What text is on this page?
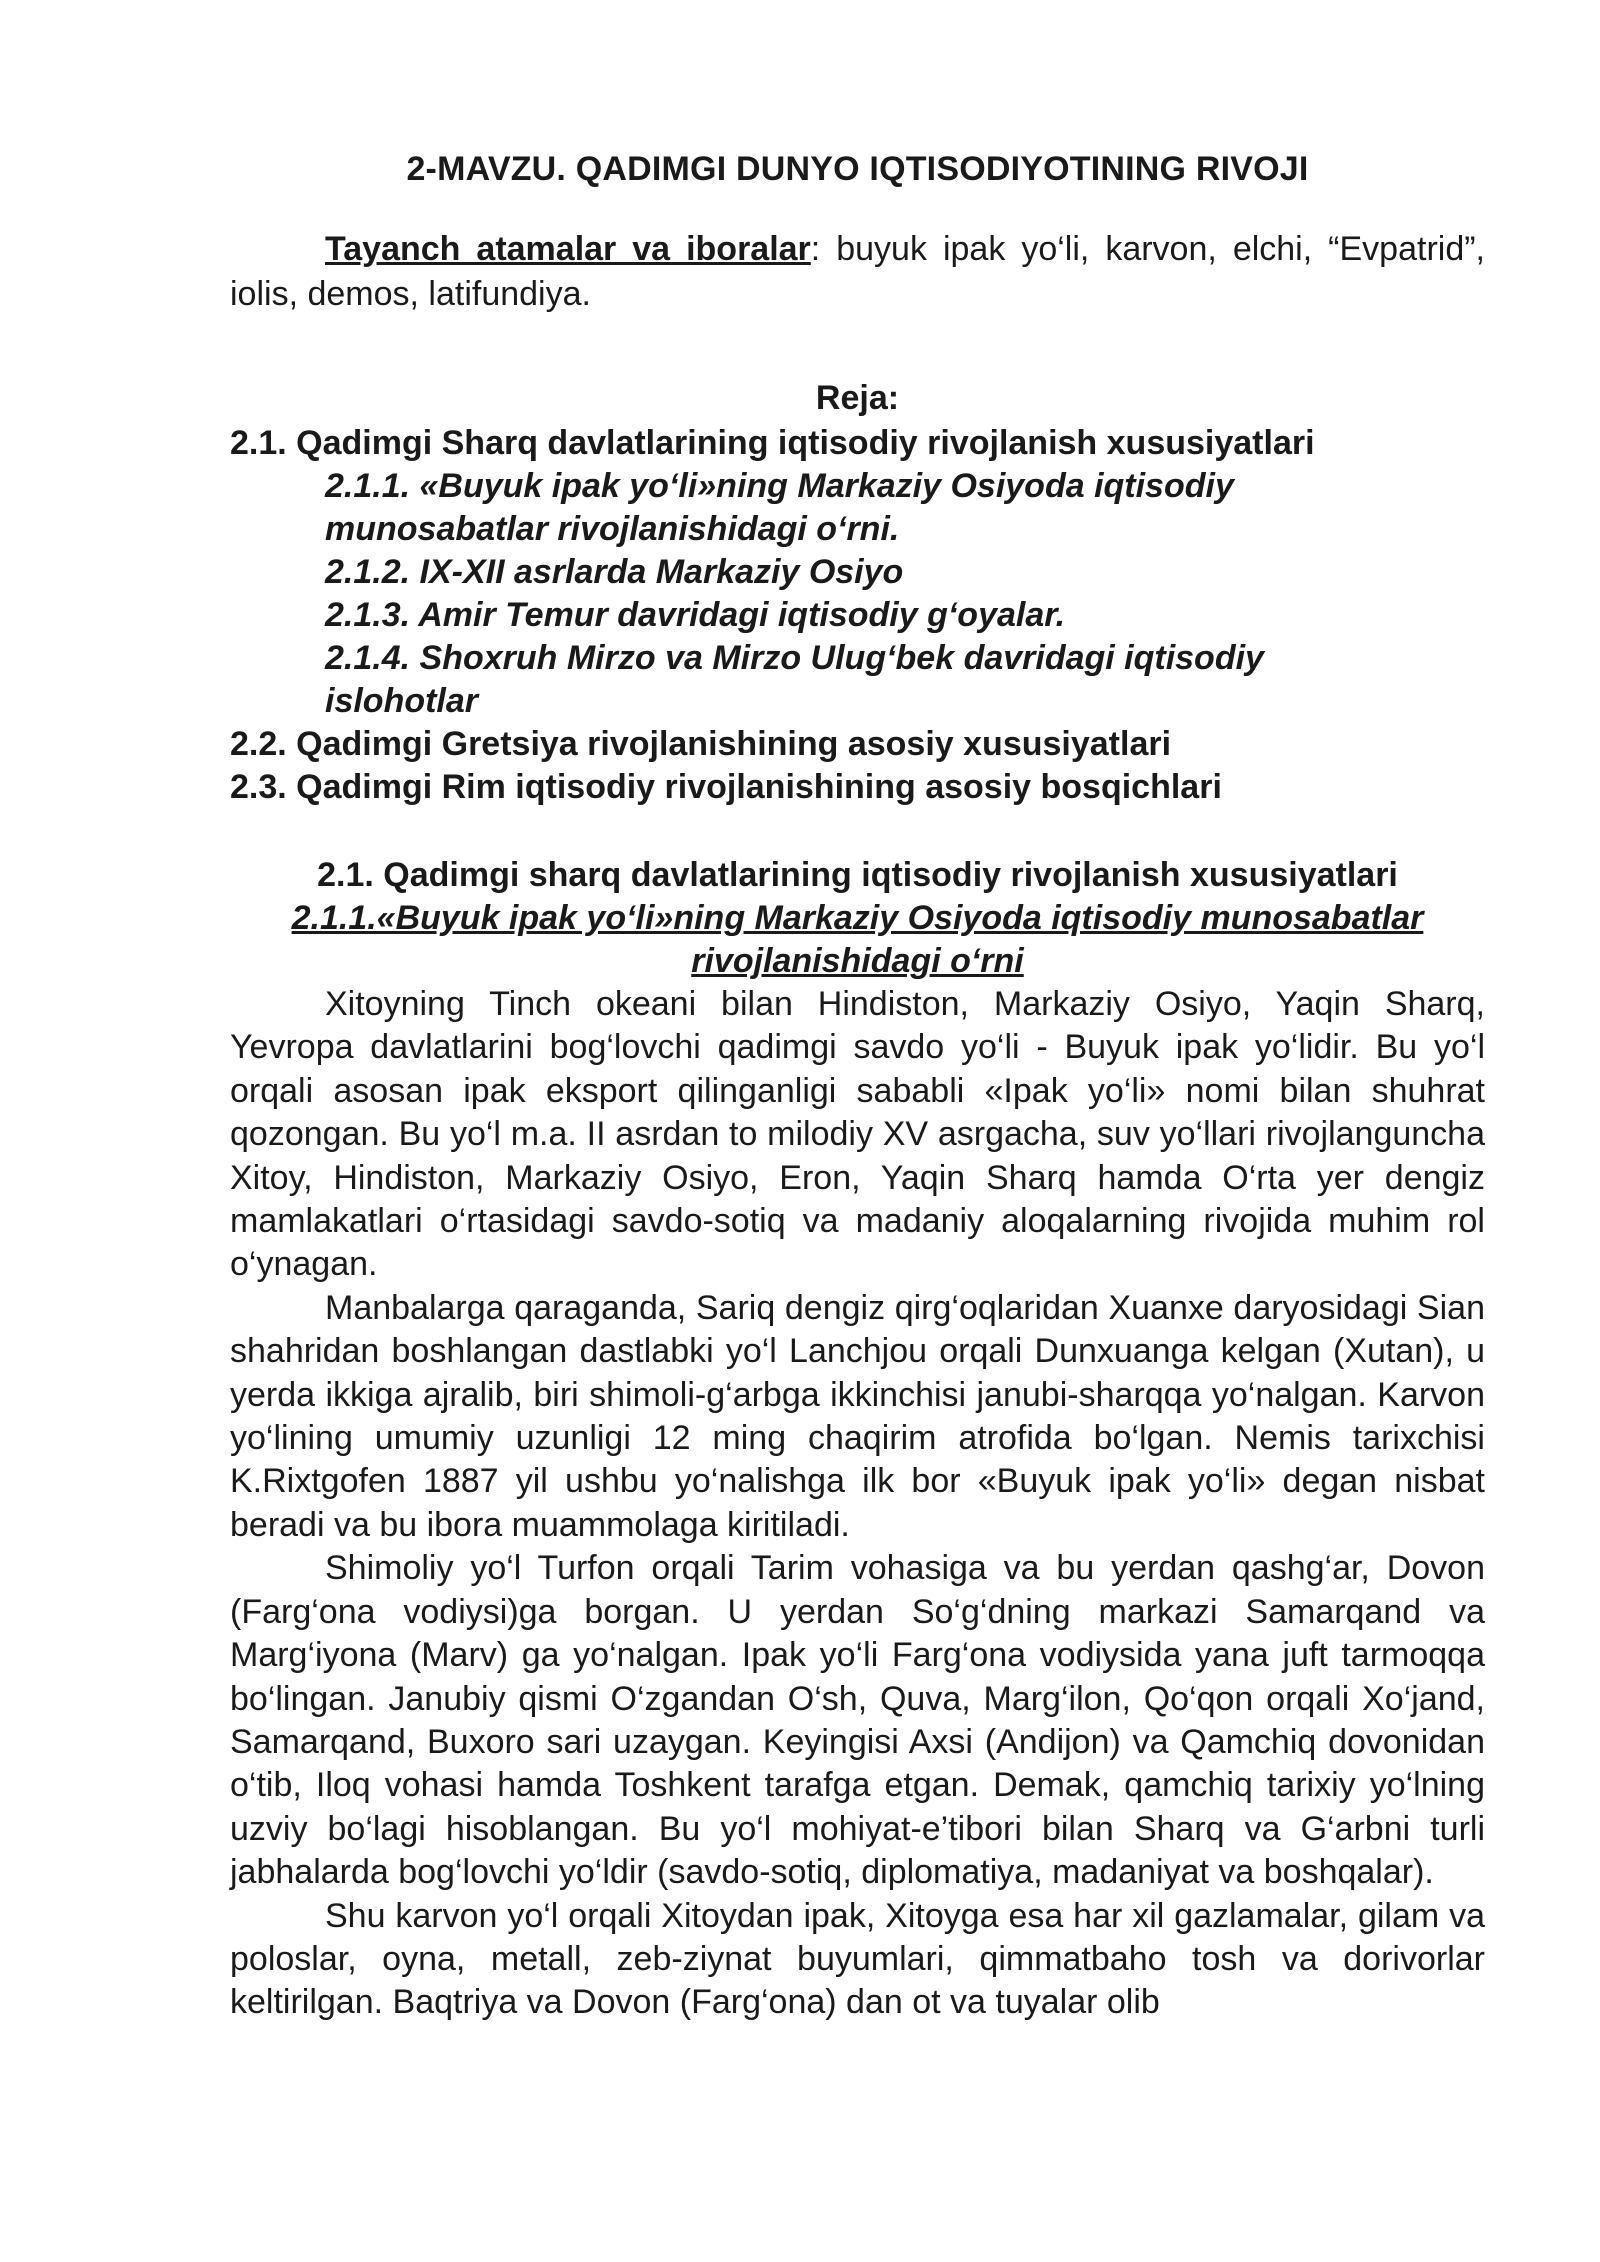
2-MAVZU. QADIMGI DUNYO IQTISODIYOTINING RIVOJI

Tayanch atamalar va iboralar: buyuk ipak yo‘li, karvon, elchi, “Evpatrid”, iolis, demos, latifundiya.

Reja:

2.1. Qadimgi Sharq davlatlarining iqtisodiy rivojlanish xususiyatlari

2.1.1. «Buyuk ipak yo‘li»ning Markaziy Osiyoda iqtisodiy munosabatlar rivojlanishidagi o‘rni.

2.1.2. IX-XII asrlarda Markaziy Osiyo

2.1.3. Amir Temur davridagi iqtisodiy g‘oyalar.

2.1.4. Shoxruh Mirzo va Mirzo Ulug‘bek davridagi iqtisodiy islohotlar

2.2. Qadimgi Gretsiya rivojlanishining asosiy xususiyatlari

2.3. Qadimgi Rim iqtisodiy rivojlanishining asosiy bosqichlari

2.1. Qadimgi sharq davlatlarining iqtisodiy rivojlanish xususiyatlari
2.1.1.«Buyuk ipak yo‘li»ning Markaziy Osiyoda iqtisodiy munosabatlar rivojlanishidagi o‘rni

Xitoyning Tinch okeani bilan Hindiston, Markaziy Osiyo, Yaqin Sharq, Yevropa davlatlarini bog‘lovchi qadimgi savdo yo‘li - Buyuk ipak yo‘lidir. Bu yo‘l orqali asosan ipak eksport qilinganligi sababli «Ipak yo‘li» nomi bilan shuhrat qozongan. Bu yo‘l m.a. II asrdan to milodiy XV asrgacha, suv yo‘llari rivojlanguncha Xitoy, Hindiston, Markaziy Osiyo, Eron, Yaqin Sharq hamda O‘rta yer dengiz mamlakatlari o‘rtasidagi savdo-sotiq va madaniy aloqalarning rivojida muhim rol o‘ynagan.

Manbalarga qaraganda, Sariq dengiz qirg‘oqlaridan Xuanxe daryosidagi Sian shahridan boshlangan dastlabki yo‘l Lanchjou orqali Dunxuanga kelgan (Xutan), u yerda ikkiga ajralib, biri shimoli-g‘arbga ikkinchisi janubi-sharqqa yo‘nalgan. Karvon yo‘lining umumiy uzunligi 12 ming chaqirim atrofida bo‘lgan. Nemis tarixchisi K.Rixtgofen 1887 yil ushbu yo‘nalishga ilk bor «Buyuk ipak yo‘li» degan nisbat beradi va bu ibora muammolaga kiritiladi.

Shimoliy yo‘l Turfon orqali Tarim vohasiga va bu yerdan qashg‘ar, Dovon (Farg‘ona vodiysi)ga borgan. U yerdan So‘g‘dning markazi Samarqand va Marg‘iyona (Marv) ga yo‘nalgan. Ipak yo‘li Farg‘ona vodiysida yana juft tarmoqqa bo‘lingan. Janubiy qismi O‘zgandan O‘sh, Quva, Marg‘ilon, Qo‘qon orqali Xo‘jand, Samarqand, Buxoro sari uzaygan. Keyingisi Axsi (Andijon) va Qamchiq dovonidan o‘tib, Iloq vohasi hamda Toshkent tarafga etgan. Demak, qamchiq tarixiy yo‘lning uzviy bo‘lagi hisoblangan. Bu yo‘l mohiyat-e’tibori bilan Sharq va G‘arbni turli jabhalarda bog‘lovchi yo‘ldir (savdo-sotiq, diplomatiya, madaniyat va boshqalar).

Shu karvon yo‘l orqali Xitoydan ipak, Xitoyga esa har xil gazlamalar, gilam va poloslar, oyna, metall, zeb-ziynat buyumlari, qimmatbaho tosh va dorivorlar keltirilgan. Baqtriya va Dovon (Farg‘ona) dan ot va tuyalar olib
